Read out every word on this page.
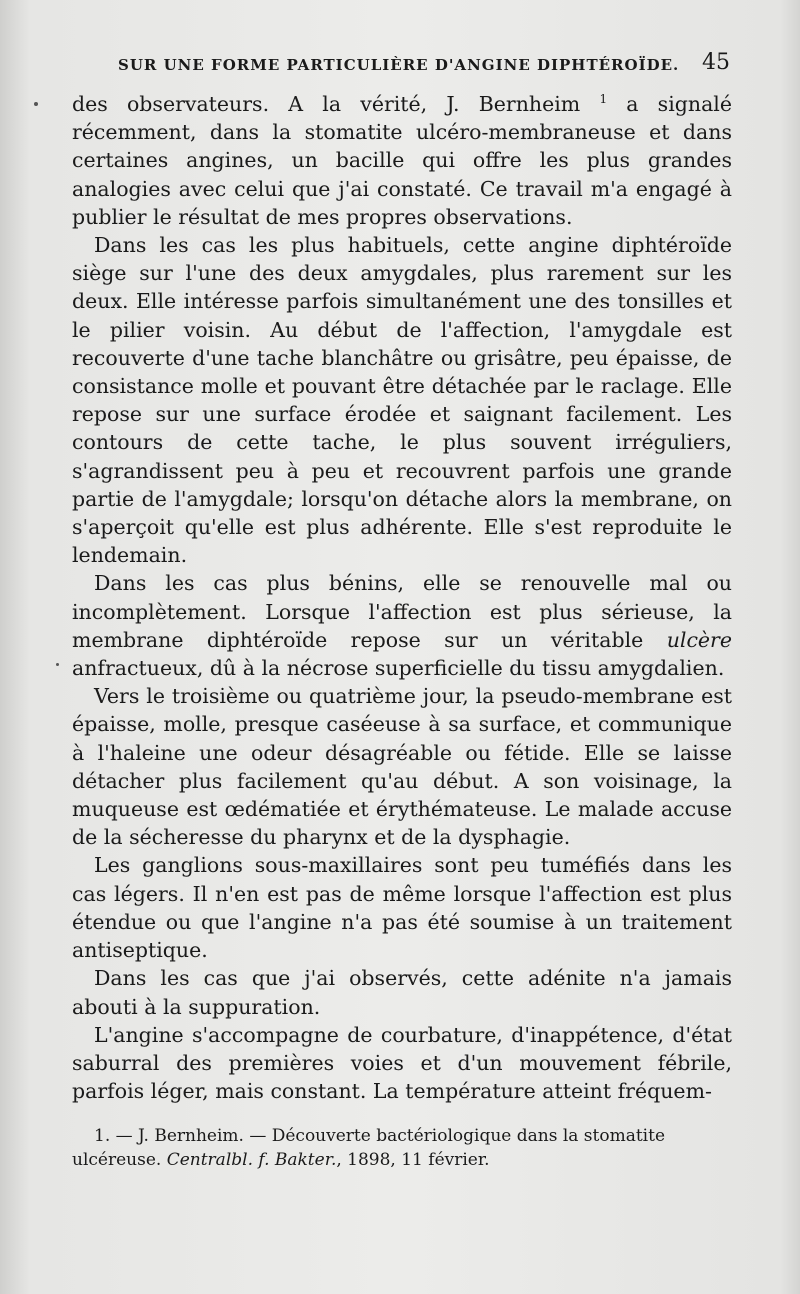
SUR UNE FORME PARTICULIÈRE D'ANGINE DIPHTÉROÏDE. 45

des observateurs. A la vérité, J. Bernheim $^1$ a signalé récemment, dans la stomatite ulcéro-membraneuse et dans certaines angines, un bacille qui offre les plus grandes analogies avec celui que j'ai constaté. Ce travail m'a engagé à publier le résultat de mes propres observations.

Dans les cas les plus habituels, cette angine diphtéroïde siège sur l'une des deux amygdales, plus rarement sur les deux. Elle intéresse parfois simultanément une des tonsilles et le pilier voisin. Au début de l'affection, l'amygdale est recouverte d'une tache blanchâtre ou grisâtre, peu épaisse, de consistance molle et pouvant être détachée par le raclage. Elle repose sur une surface érodée et saignant facilement. Les contours de cette tache, le plus souvent irréguliers, s'agrandissent peu à peu et recouvrent parfois une grande partie de l'amygdale; lorsqu'on détache alors la membrane, on s'aperçoit qu'elle est plus adhérente. Elle s'est reproduite le lendemain.

Dans les cas plus bénins, elle se renouvelle mal ou incomplètement. Lorsque l'affection est plus sérieuse, la membrane diphtéroïde repose sur un véritable ulcère anfractueux, dû à la nécrose superficielle du tissu amygdalien.

Vers le troisième ou quatrième jour, la pseudo-membrane est épaisse, molle, presque caséeuse à sa surface, et communique à l'haleine une odeur désagréable ou fétide. Elle se laisse détacher plus facilement qu'au début. A son voisinage, la muqueuse est œdématiée et érythémateuse. Le malade accuse de la sécheresse du pharynx et de la dysphagie.

Les ganglions sous-maxillaires sont peu tuméfiés dans les cas légers. Il n'en est pas de même lorsque l'affection est plus étendue ou que l'angine n'a pas été soumise à un traitement antiseptique.

Dans les cas que j'ai observés, cette adénite n'a jamais abouti à la suppuration.

L'angine s'accompagne de courbature, d'inappétence, d'état saburral des premières voies et d'un mouvement fébrile, parfois léger, mais constant. La température atteint fréquem-

1. — J. Bernheim. — Découverte bactériologique dans la stomatite ulcéreuse. Centralbl. f. Bakter., 1898, 11 février.
